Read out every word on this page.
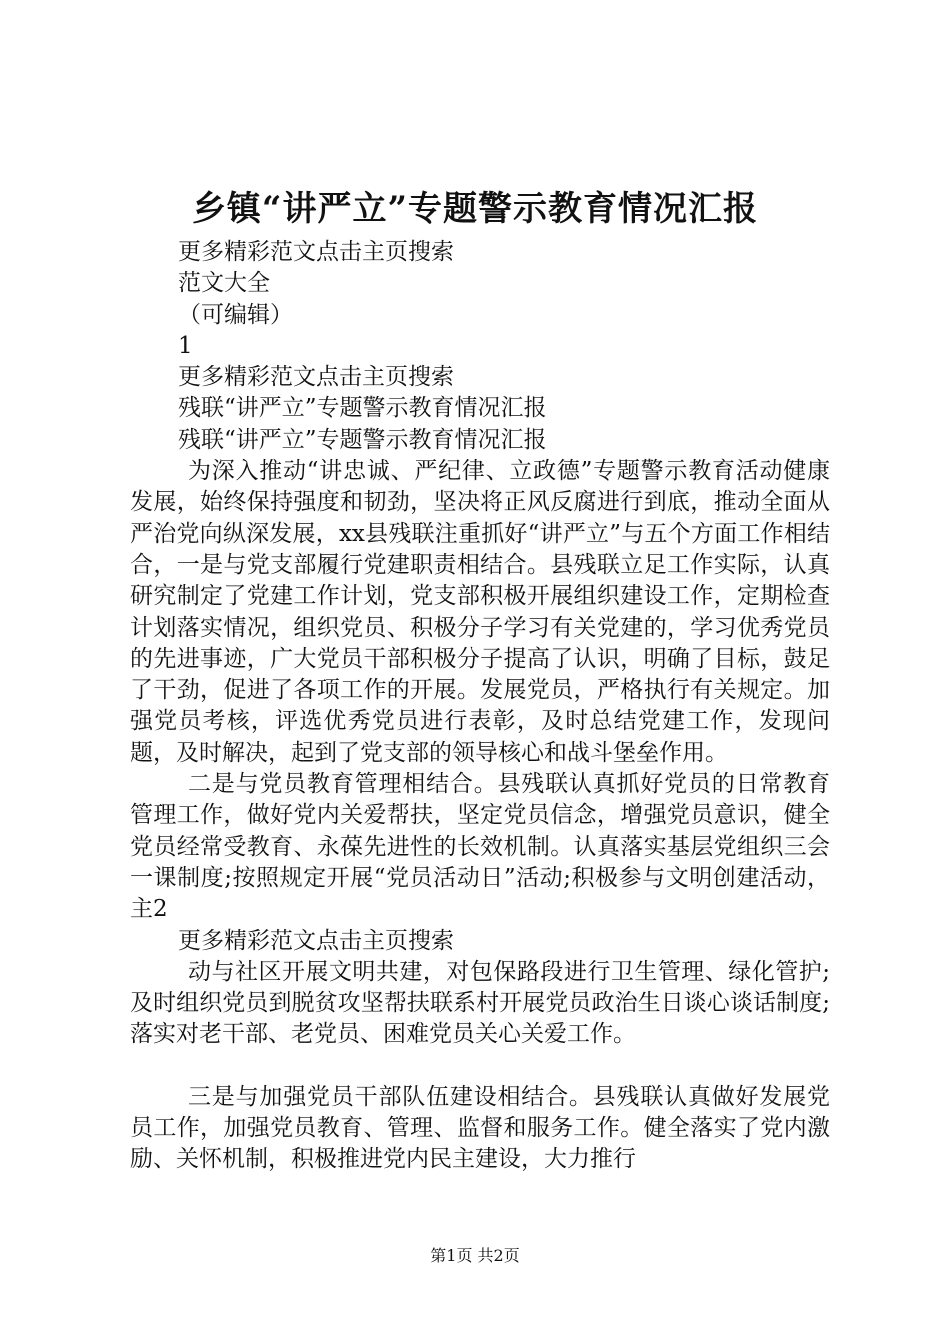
乡镇“讲严立”专题警示教育情况汇报
更多精彩范文点击主页搜索
范文大全
（可编辑）
1
更多精彩范文点击主页搜索
残联“讲严立”专题警示教育情况汇报
残联“讲严立”专题警示教育情况汇报

为深入推动“讲忠诚、严纪律、立政德”专题警示教育活动健康发展，始终保持强度和韧劲，坚决将正风反腐进行到底，推动全面从严治党向纵深发展，xx县残联注重抓好“讲严立”与五个方面工作相结合，一是与党支部履行党建职责相结合。县残联立足工作实际，认真研究制定了党建工作计划，党支部积极开展组织建设工作，定期检查计划落实情况，组织党员、积极分子学习有关党建的，学习优秀党员的先进事迹，广大党员干部积极分子提高了认识，明确了目标，鼓足了干劲，促进了各项工作的开展。发展党员，严格执行有关规定。加强党员考核，评选优秀党员进行表彰，及时总结党建工作，发现问题，及时解决，起到了党支部的领导核心和战斗堡垒作用。

二是与党员教育管理相结合。县残联认真抓好党员的日常教育管理工作，做好党内关爱帮扶，坚定党员信念，增强党员意识，健全党员经常受教育、永葆先进性的长效机制。认真落实基层党组织三会一课制度;按照规定开展“党员活动日”活动;积极参与文明创建活动，主2

更多精彩范文点击主页搜索

动与社区开展文明共建，对包保路段进行卫生管理、绿化管护;及时组织党员到脱贫攻坚帮扶联系村开展党员政治生日谈心谈话制度;落实对老干部、老党员、困难党员关心关爱工作。

三是与加强党员干部队伍建设相结合。县残联认真做好发展党员工作，加强党员教育、管理、监督和服务工作。健全落实了党内激励、关怀机制，积极推进党内民主建设，大力推行

第1页 共2页
